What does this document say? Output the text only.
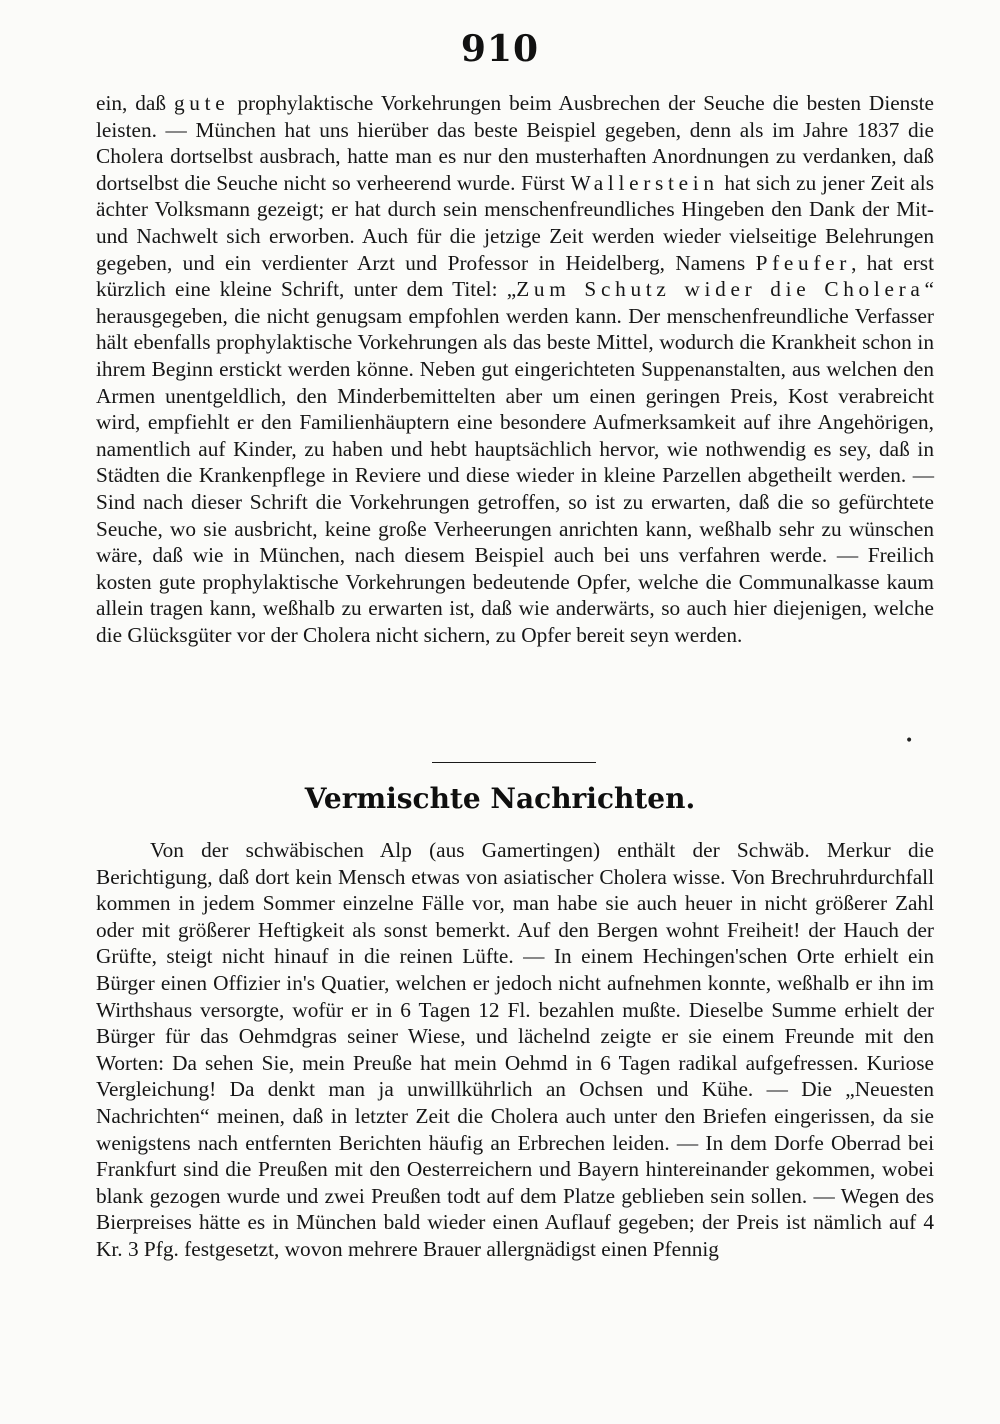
910

ein, daß gute prophylaktische Vorkehrungen beim Ausbrechen der Seuche die besten Dienste leisten. — München hat uns hierüber das beste Beispiel gegeben, denn als im Jahre 1837 die Cholera dortselbst ausbrach, hatte man es nur den musterhaften Anordnungen zu verdanken, daß dortselbst die Seuche nicht so verheerend wurde. Fürst Wallerstein hat sich zu jener Zeit als ächter Volksmann gezeigt; er hat durch sein menschenfreundliches Hingeben den Dank der Mit- und Nachwelt sich erworben. Auch für die jetzige Zeit werden wieder vielseitige Belehrungen gegeben, und ein verdienter Arzt und Professor in Heidelberg, Namens Pfeufer, hat erst kürzlich eine kleine Schrift, unter dem Titel: „Zum Schutz wider die Cholera“ herausgegeben, die nicht genugsam empfohlen werden kann. Der menschenfreundliche Verfasser hält ebenfalls prophylaktische Vorkehrungen als das beste Mittel, wodurch die Krankheit schon in ihrem Beginn erstickt werden könne. Neben gut eingerichteten Suppenanstalten, aus welchen den Armen unentgeldlich, den Minderbemittelten aber um einen geringen Preis, Kost verabreicht wird, empfiehlt er den Familienhäuptern eine besondere Aufmerksamkeit auf ihre Angehörigen, namentlich auf Kinder, zu haben und hebt hauptsächlich hervor, wie nothwendig es sey, daß in Städten die Krankenpflege in Reviere und diese wieder in kleine Parzellen abgetheilt werden. — Sind nach dieser Schrift die Vorkehrungen getroffen, so ist zu erwarten, daß die so gefürchtete Seuche, wo sie ausbricht, keine große Verheerungen anrichten kann, weßhalb sehr zu wünschen wäre, daß wie in München, nach diesem Beispiel auch bei uns verfahren werde. — Freilich kosten gute prophylaktische Vorkehrungen bedeutende Opfer, welche die Communalkasse kaum allein tragen kann, weßhalb zu erwarten ist, daß wie anderwärts, so auch hier diejenigen, welche die Glücksgüter vor der Cholera nicht sichern, zu Opfer bereit seyn werden.

•
Vermischte Nachrichten.

Von der schwäbischen Alp (aus Gamertingen) enthält der Schwäb. Merkur die Berichtigung, daß dort kein Mensch etwas von asiatischer Cholera wisse. Von Brechruhrdurchfall kommen in jedem Sommer einzelne Fälle vor, man habe sie auch heuer in nicht größerer Zahl oder mit größerer Heftigkeit als sonst bemerkt. Auf den Bergen wohnt Freiheit! der Hauch der Grüfte, steigt nicht hinauf in die reinen Lüfte. — In einem Hechingen'schen Orte erhielt ein Bürger einen Offizier in's Quatier, welchen er jedoch nicht aufnehmen konnte, weßhalb er ihn im Wirthshaus versorgte, wofür er in 6 Tagen 12 Fl. bezahlen mußte. Dieselbe Summe erhielt der Bürger für das Oehmdgras seiner Wiese, und lächelnd zeigte er sie einem Freunde mit den Worten: Da sehen Sie, mein Preuße hat mein Oehmd in 6 Tagen radikal aufgefressen. Kuriose Vergleichung! Da denkt man ja unwillkührlich an Ochsen und Kühe. — Die „Neuesten Nachrichten“ meinen, daß in letzter Zeit die Cholera auch unter den Briefen eingerissen, da sie wenigstens nach entfernten Berichten häufig an Erbrechen leiden. — In dem Dorfe Oberrad bei Frankfurt sind die Preußen mit den Oesterreichern und Bayern hintereinander gekommen, wobei blank gezogen wurde und zwei Preußen todt auf dem Platze geblieben sein sollen. — Wegen des Bierpreises hätte es in München bald wieder einen Auflauf gegeben; der Preis ist nämlich auf 4 Kr. 3 Pfg. festgesetzt, wovon mehrere Brauer allergnädigst einen Pfennig
